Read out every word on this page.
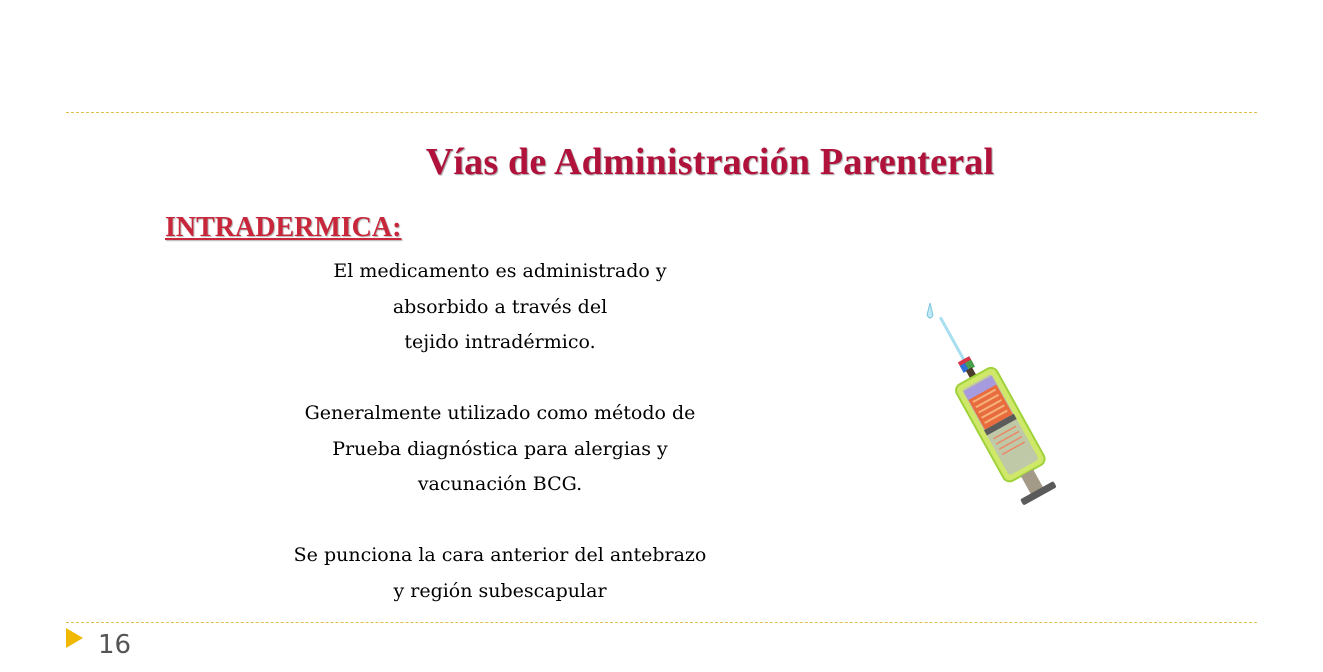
Vías de Administración Parenteral
INTRADERMICA:
El medicamento es administrado y
absorbido a través del
tejido intradérmico.
Generalmente utilizado como método de
Prueba diagnóstica para alergias y
vacunación BCG.
Se punciona la cara anterior del antebrazo
y región subescapular
16
